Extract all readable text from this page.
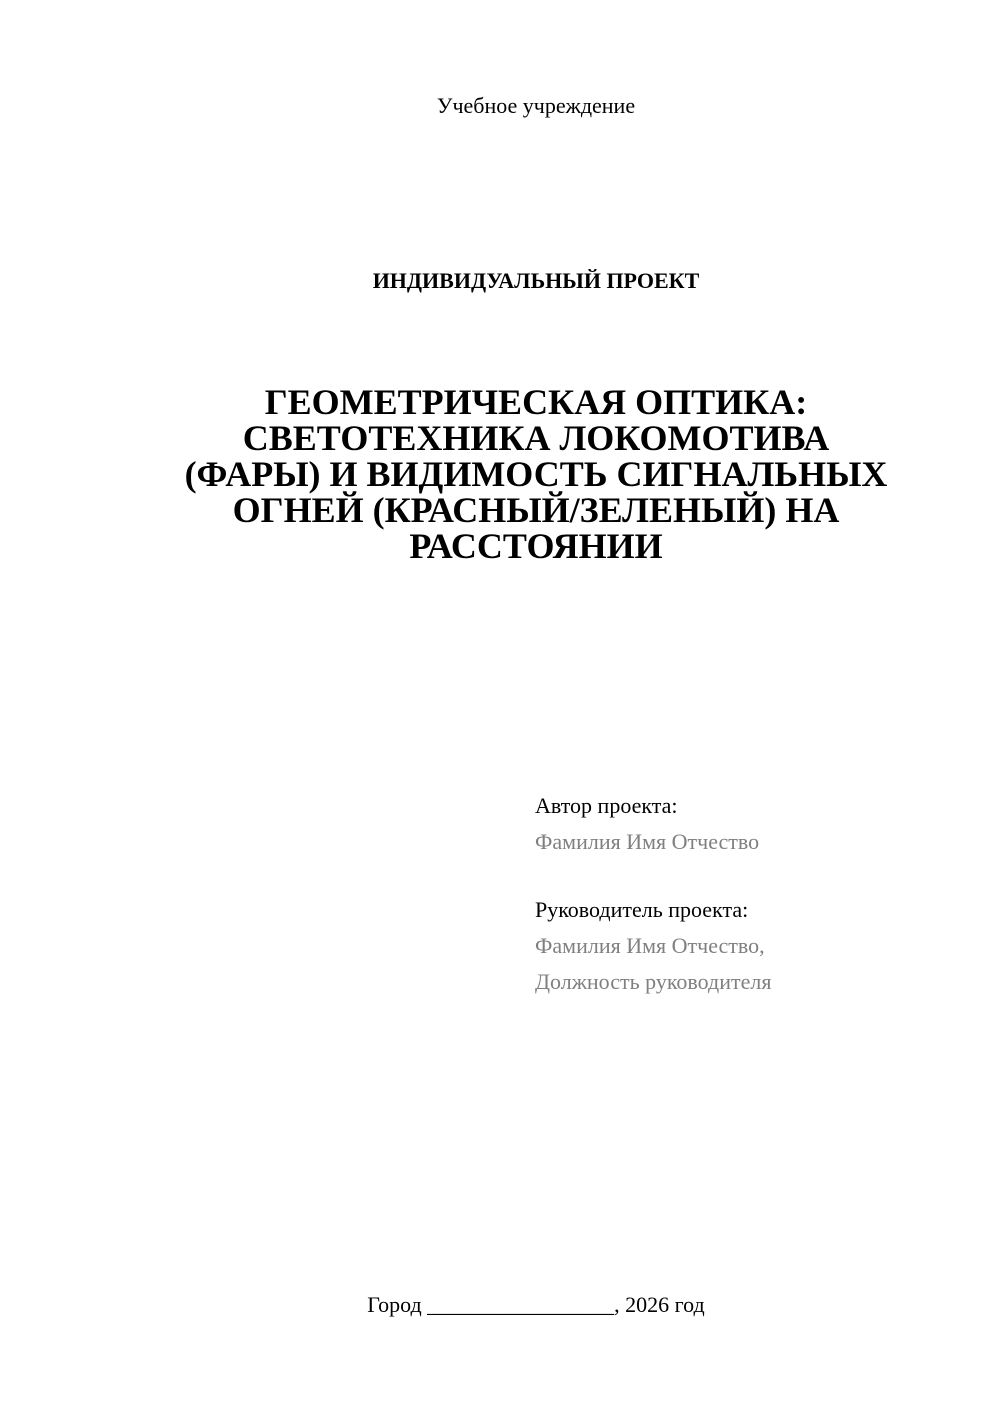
Учебное учреждение
ИНДИВИДУАЛЬНЫЙ ПРОЕКТ
ГЕОМЕТРИЧЕСКАЯ ОПТИКА:
СВЕТОТЕХНИКА ЛОКОМОТИВА
(ФАРЫ) И ВИДИМОСТЬ СИГНАЛЬНЫХ
ОГНЕЙ (КРАСНЫЙ/ЗЕЛЕНЫЙ) НА
РАССТОЯНИИ
Автор проекта:
Фамилия Имя Отчество
Руководитель проекта:
Фамилия Имя Отчество,
Должность руководителя
Город _________________, 2026 год
